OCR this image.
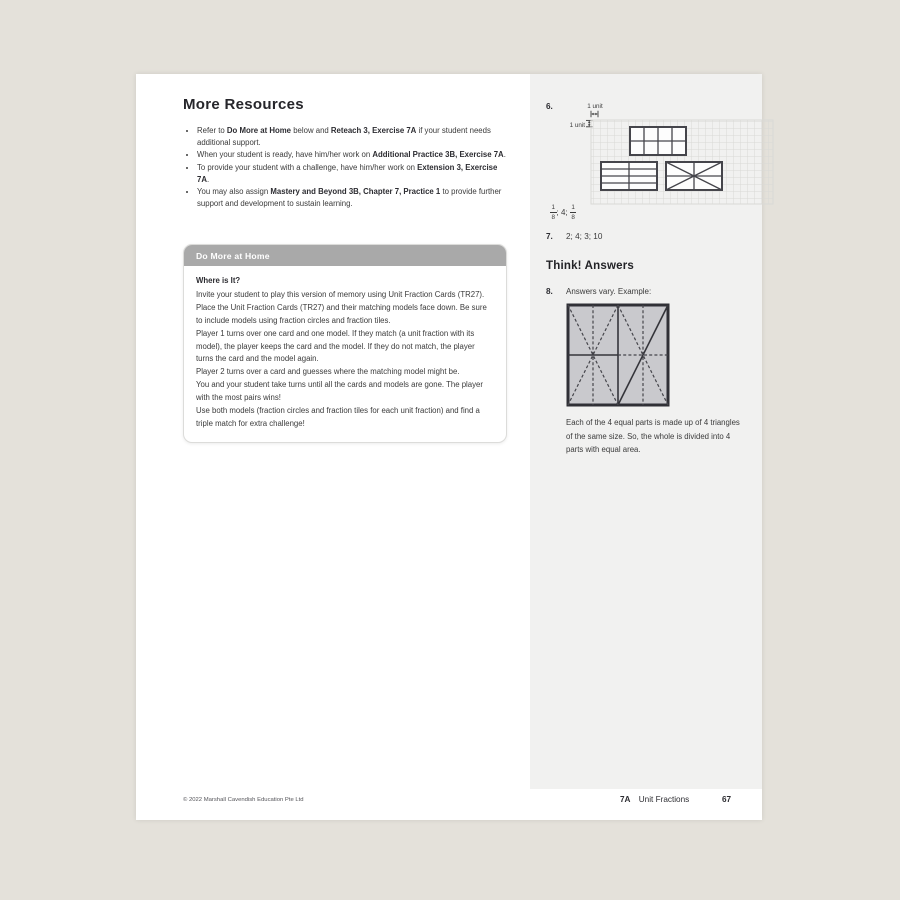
More Resources
• Refer to Do More at Home below and Reteach 3, Exercise 7A if your student needs additional support.
• When your student is ready, have him/her work on Additional Practice 3B, Exercise 7A.
• To provide your student with a challenge, have him/her work on Extension 3, Exercise 7A.
• You may also assign Mastery and Beyond 3B, Chapter 7, Practice 1 to provide further support and development to sustain learning.
Do More at Home
Where is It?

Invite your student to play this version of memory using Unit Fraction Cards (TR27). Place the Unit Fraction Cards (TR27) and their matching models face down. Be sure to include models using fraction circles and fraction tiles.

Player 1 turns over one card and one model. If they match (a unit fraction with its model), the player keeps the card and the model. If they do not match, the player turns the card and the model again.

Player 2 turns over a card and guesses where the matching model might be.

You and your student take turns until all the cards and models are gone. The player with the most pairs wins!

Use both models (fraction circles and fraction tiles for each unit fraction) and find a triple match for extra challenge!

6.	1 unit
1 unit
$\frac{1}{8}$ ; 4; $\frac{1}{8}$
7.	2; 4; 3; 10
Think! Answers
8.	Answers vary. Example:

Each of the 4 equal parts is made up of 4 triangles of the same size. So, the whole is divided into 4 parts with equal area.

© 2022 Marshall Cavendish Education Pte Ltd	7A Unit Fractions	67
